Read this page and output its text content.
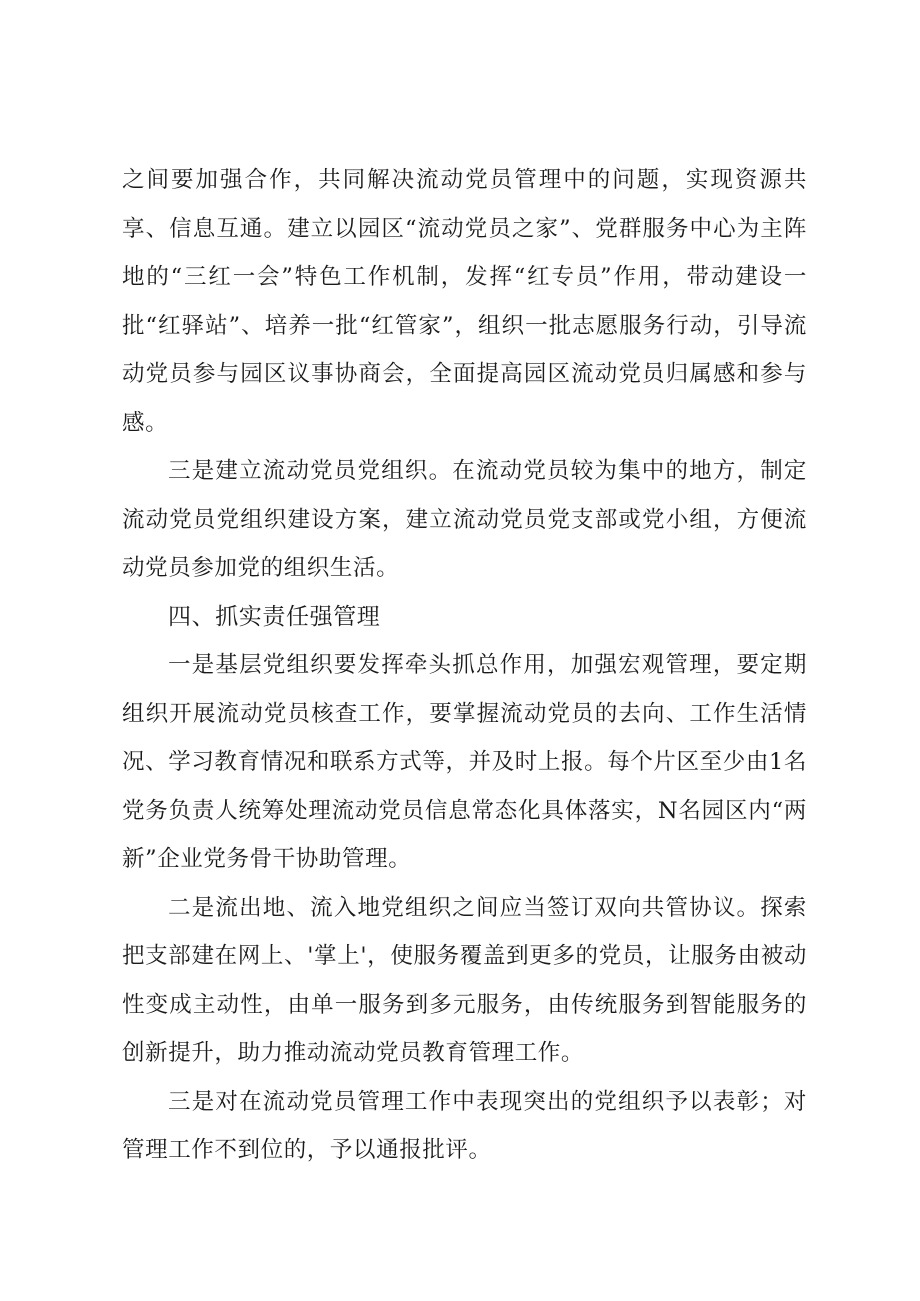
之间要加强合作，共同解决流动党员管理中的问题，实现资源共享、信息互通。建立以园区“流动党员之家”、党群服务中心为主阵地的“三红一会”特色工作机制，发挥“红专员”作用，带动建设一批“红驿站”、培养一批“红管家”，组织一批志愿服务行动，引导流动党员参与园区议事协商会，全面提高园区流动党员归属感和参与感。

三是建立流动党员党组织。在流动党员较为集中的地方，制定流动党员党组织建设方案，建立流动党员党支部或党小组，方便流动党员参加党的组织生活。

四、抓实责任强管理

一是基层党组织要发挥牵头抓总作用，加强宏观管理，要定期组织开展流动党员核查工作，要掌握流动党员的去向、工作生活情况、学习教育情况和联系方式等，并及时上报。每个片区至少由1名党务负责人统筹处理流动党员信息常态化具体落实，N名园区内“两新”企业党务骨干协助管理。

二是流出地、流入地党组织之间应当签订双向共管协议。探索把支部建在网上、'掌上'，使服务覆盖到更多的党员，让服务由被动性变成主动性，由单一服务到多元服务，由传统服务到智能服务的创新提升，助力推动流动党员教育管理工作。

三是对在流动党员管理工作中表现突出的党组织予以表彰；对管理工作不到位的，予以通报批评。
